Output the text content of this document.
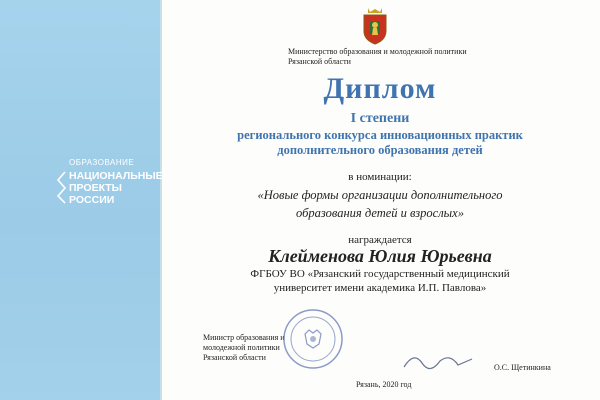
ОБРАЗОВАНИЕ
НАЦИОНАЛЬНЫЕ
ПРОЕКТЫ
РОССИИ
Министерство образования и молодежной политики
Рязанской области
Диплом
I степени
регионального конкурса инновационных практик
дополнительного образования детей
в номинации:
«Новые формы организации дополнительного
образования детей и взрослых»
награждается
Клейменова Юлия Юрьевна
ФГБОУ ВО «Рязанский государственный медицинский
университет имени академика И.П. Павлова»
Министр образования и
молодежной политики
Рязанской области
Рязань, 2020 год
О.С. Щетинкина
